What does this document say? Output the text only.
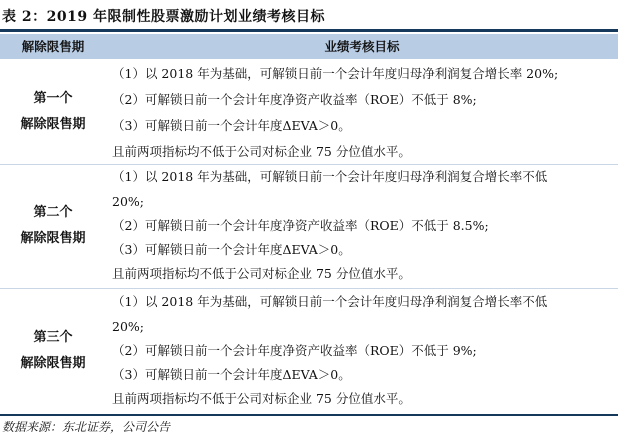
表 2：2019 年限制性股票激励计划业绩考核目标
解除限售期	业绩考核目标
第一个
解除限售期
（1）以 2018 年为基础，可解锁日前一个会计年度归母净利润复合增长率 20%;
（2）可解锁日前一个会计年度净资产收益率（ROE）不低于 8%;
（3）可解锁日前一个会计年度ΔEVA＞0。
且前两项指标均不低于公司对标企业 75 分位值水平。
第二个
解除限售期
（1）以 2018 年为基础，可解锁日前一个会计年度归母净利润复合增长率不低
20%;
（2）可解锁日前一个会计年度净资产收益率（ROE）不低于 8.5%;
（3）可解锁日前一个会计年度ΔEVA＞0。
且前两项指标均不低于公司对标企业 75 分位值水平。
第三个
解除限售期
（1）以 2018 年为基础，可解锁日前一个会计年度归母净利润复合增长率不低
20%;
（2）可解锁日前一个会计年度净资产收益率（ROE）不低于 9%;
（3）可解锁日前一个会计年度ΔEVA＞0。
且前两项指标均不低于公司对标企业 75 分位值水平。
数据来源：东北证券，公司公告
